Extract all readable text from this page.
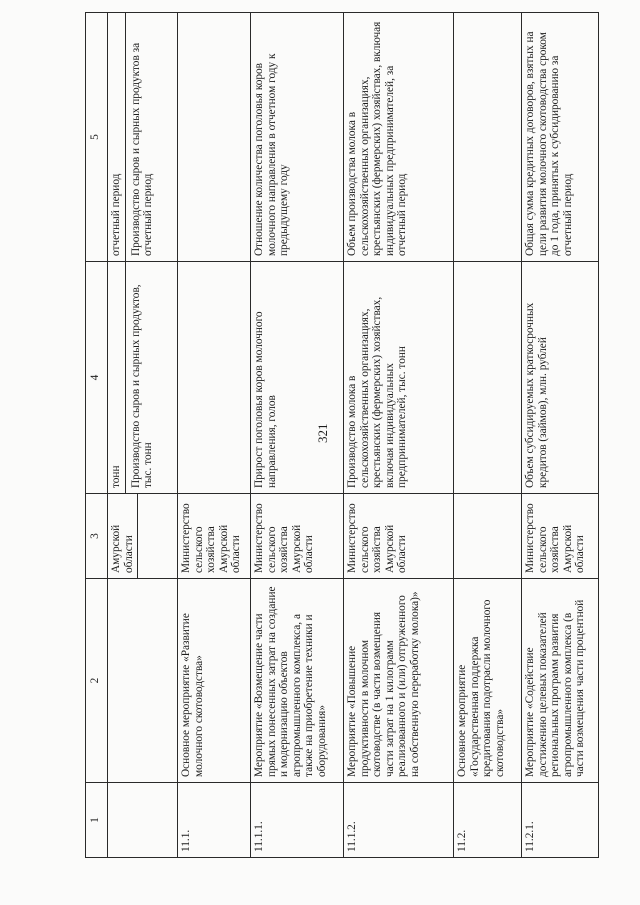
321
1	2	3	4	5

		Амурской области	тонн Производство сыров и сырных продуктов, тыс. тонн	отчетный период Производство сыров и сырных продуктов за отчетный период
11.1.	Основное мероприятие «Развитие молочного скотоводства»	Министерство сельского хозяйства Амурской области		
11.1.1.	Мероприятие «Возмещение части прямых понесенных затрат на создание и модернизацию объектов агропромышленного комплекса, а также на приобретение техники и оборудования»	Министерство сельского хозяйства Амурской области	Прирост поголовья коров молочного направления, голов	Отношение количества поголовья коров молочного направления в отчетном году к предыдущему году
11.1.2.	Мероприятие «Повышение продуктивности в молочном скотоводстве (в части возмещения части затрат на 1 килограмм реализованного и (или) отгруженного на собственную переработку молока)»	Министерство сельского хозяйства Амурской области	Производство молока в сельскохозяйственных организациях, крестьянских (фермерских) хозяйствах, включая индивидуальных предпринимателей, тыс. тонн	Объем производства молока в сельскохозяйственных организациях, крестьянских (фермерских) хозяйствах, включая индивидуальных предпринимателей, за отчетный период
11.2.	Основное мероприятие «Государственная поддержка кредитования подотрасли молочного скотоводства»			
11.2.1.	Мероприятие «Содействие достижению целевых показателей региональных программ развития агропромышленного комплекса (в части возмещения части процентной	Министерство сельского хозяйства Амурской области	Объем субсидируемых краткосрочных кредитов (займов), млн. рублей	Общая сумма кредитных договоров, взятых на цели развития молочного скотоводства сроком до 1 года, принятых к субсидированию за отчетный период
